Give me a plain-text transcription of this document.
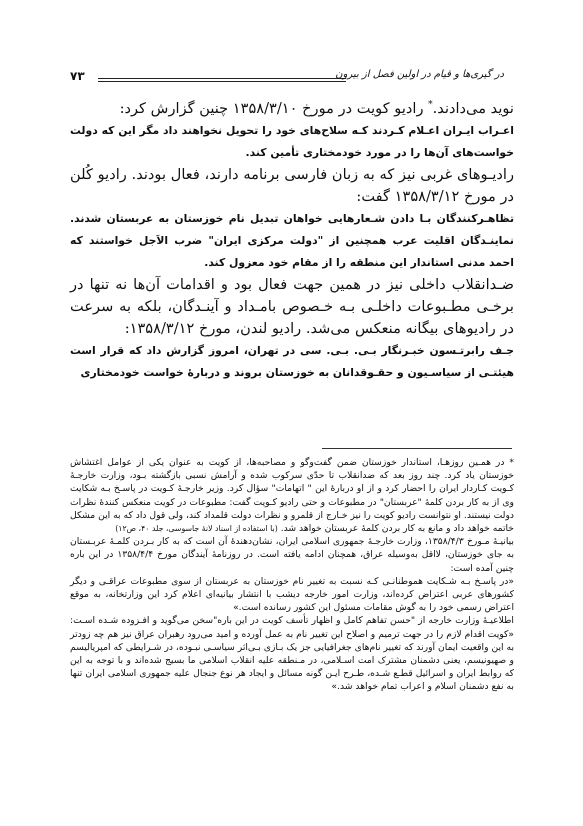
۷۳	در گیری‌ها و قیام در اولین فصل از بیرون

نوید می‌دادند.* رادیو کویت در مورخ ۱۳۵۸/۳/۱۰ چنین گزارش کرد:

اعـراب ایـران اعـلام کـردند کـه سلاح‌های خود را تحویل نخواهند داد مگر این که دولت خواست‌های آن‌ها را در مورد خودمختاری تأمین کند.

رادیـوهای غربی نیز که به زبان فارسی برنامه دارند، فعال بودند. رادیو کُلن در مورخ ۱۳۵۸/۳/۱۲ گفت:

تظاهـرکنندگان بـا دادن شـعارهایی خواهان تبدیل نام خوزستان به عربستان شدند. نماینـدگان اقلیت عرب همچنین از "دولت مرکزی ایران" ضرب الاَجل خواستند که احمد مدنی استاندار این منطقه را از مقام خود معزول کند.

ضـدانقلاب داخلی نیز در همین جهت فعال بود و اقدامات آن‌ها نه تنها در برخـی مطـبوعات داخلـی بـه خـصوص بامـداد و آینـدگان، بلکه به سرعت در رادیوهای بیگانه منعکس می‌شد. رادیو لندن، مورخ ۱۳۵۸/۳/۱۲:

جـف رابرتـسون خبـرنگار بـی. بـی. سی در تهران، امروز گزارش داد که قرار است هیئتـی از سیاسـیون و حقـوقدانان به خوزستان بروند و دربارهٔ خواست خودمختاری

* در همـین روزهـا، استاندار خوزستان ضمن گفت‌وگو و مصاحبه‌ها، از کویت به عنوان یکی از عوامل اغتشاش خوزستان یاد کرد. چند روز بعد که ضدانقلاب تا حدّی سرکوب شده و آرامش نسبی بازگشته بـود، وزارت خارجـهٔ کـویت کـاردار ایران را احضار کرد و از او دربارهٔ این " اتهامات" سؤال کرد. وزیر خارجـهٔ کـویت در پاسـخ بـه شکایت وی از به کار بردن کلمهٔ "عربستان" در مطبوعات و حتی رادیو کـویت گفت: مطبوعات در کویت منعکس کنندهٔ نظرات دولت نیستند. او نتوانست رادیو کویت را نیز خـارج از قلمرو و نظرات دولت قلمداد کند، ولی قول داد که به این مشکل خاتمه خواهد داد و مانع به کار بردن کلمهٔ عربستان خواهد شد. (با استفاده از اسناد لانهٔ جاسوسی، جلد ۴۰، ص۱۲)

بیانیـهٔ مـورخ ۱۳۵۸/۴/۳، وزارت خارجـهٔ جمهوری اسلامی ایران، نشان‌دهندهٔ آن است که به کار بـردن کلمـهٔ عربـستان به جای خوزستان، لااقل به‌وسیله عراق، همچنان ادامه یافته است. در روزنامهٔ آیندگان مورخ ۱۳۵۸/۴/۴ در این باره چنین آمده است:

«در پاسـخ بـه شـکایت هموطنانـی کـه نسبت به تغییر نام خوزستان به عربستان از سوی مطبوعات عراقـی و دیگر کشورهای عربی اعتراض کرده‌اند، وزارت امور خارجه دیشب با انتشار بیانیه‌ای اعلام کرد این وزارتخانه، به موقع اعتراض رسمی خود را به گوش مقامات مسئول این کشور رسانده است.»

اطلاعیـهٔ وزارت خارجه از "حسن تفاهم کامل و اظهار تأسف کویت در این باره"سخن می‌گوید و افـزوده شـده اسـت: «کویت اقدام لازم را در جهت ترمیم و اصلاح این تغییر نام به عمل آورده و امید می‌رود رهبران عراق نیز هم چه زودتر به این واقعیت ایمان آورند که تغییر نام‌های جغرافیایی جز یک بـازی بـی‌اثر سیاسـی نبـوده، در شـرایطی که امپریالیسم و صهیونیسم، یعنی دشمنان مشترک امت اسـلامی، در مـنطقه علیه انقلاب اسلامی ما بسیج شده‌اند و با توجه به این که روابط ایران و اسرائیل قطـع شـده، طـرح ایـن گونه مسائل و ایجاد هر نوع جنجال علیه جمهوری اسلامی ایران تنها به نفع دشمنان اسلام و اعراب تمام خواهد شد.»
